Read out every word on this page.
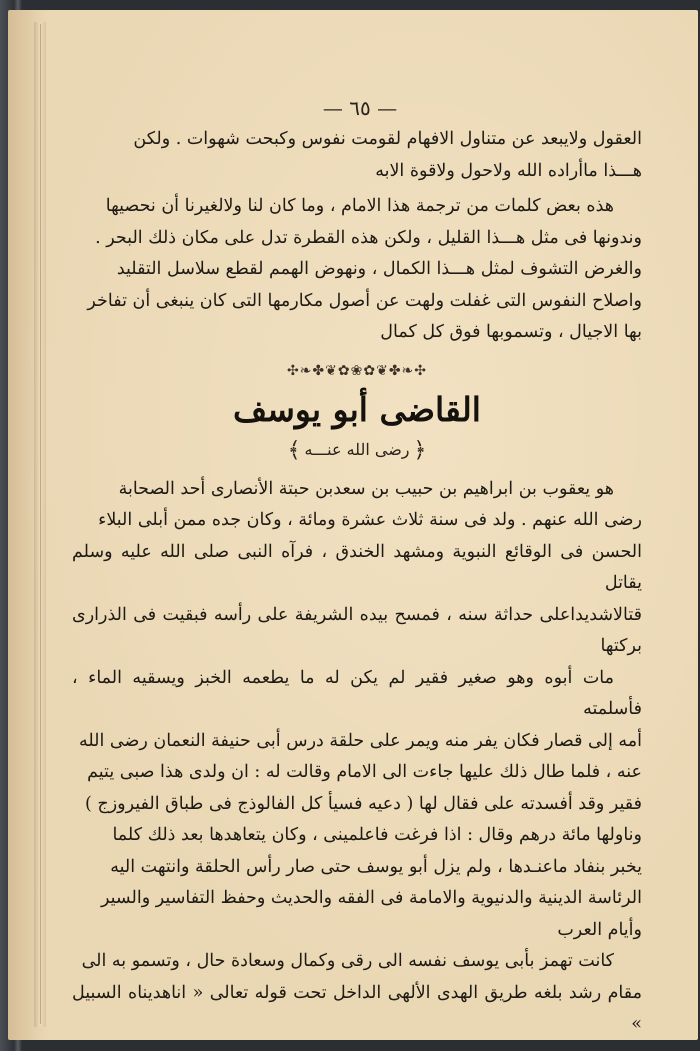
— ٦٥ —

العقول ولايبعد عن متناول الافهام لقومت نفوس وكبحت شهوات . ولكن
هـــذا ماأراده الله ولاحول ولاقوة الابه

هذه بعض كلمات من ترجمة هذا الامام ، وما كان لنا ولالغيرنا أن نحصيها
وندونها فى مثل هـــذا القليل ، ولكن هذه القطرة تدل على مكان ذلك البحر .
والغرض التشوف لمثل هـــذا الكمال ، ونهوض الهمم لقطع سلاسل التقليد
واصلاح النفوس التى غفلت ولهت عن أصول مكارمها التى كان ينبغى أن تفاخر
بها الاجيال ، وتسموبها فوق كل كمال

✣❧✤❦✿❀✿❦✤❧✣
القاضى أبو يوسف
﴿رضى الله عنـــه﴾

هو يعقوب بن ابراهيم بن حبيب بن سعدبن حبتة الأنصارى أحد الصحابة
رضى الله عنهم . ولد فى سنة ثلاث عشرة ومائة ، وكان جده ممن أبلى البلاء
الحسن فى الوقائع النبوية ومشهد الخندق ، فرآه النبى صلى الله عليه وسلم يقاتل
قتالاشديداعلى حداثة سنه ، فمسح بيده الشريفة على رأسه فبقيت فى الذرارى بركتها

مات أبوه وهو صغير فقير لم يكن له ما يطعمه الخبز ويسقيه الماء ، فأسلمته
أمه إلى قصار فكان يفر منه ويمر على حلقة درس أبى حنيفة النعمان رضى الله
عنه ، فلما طال ذلك عليها جاءت الى الامام وقالت له : ان ولدى هذا صبى يتيم
فقير وقد أفسدته على فقال لها ( دعيه فسيأ كل الفالوذج فى طباق الفيروزج )
وناولها مائة درهم وقال : اذا فرغت فاعلمينى ، وكان يتعاهدها بعد ذلك كلما
يخبر بنفاد ماعنـدها ، ولم يزل أبو يوسف حتى صار رأس الحلقة وانتهت اليه
الرئاسة الدينية والدنيوية والامامة فى الفقه والحديث وحفظ التفاسير والسير
وأيام العرب

كانت تهمز بأبى يوسف نفسه الى رقى وكمال وسعادة حال ، وتسمو به الى
مقام رشد بلغه طريق الهدى الألهى الداخل تحت قوله تعالى « اناهديناه السبيل »
